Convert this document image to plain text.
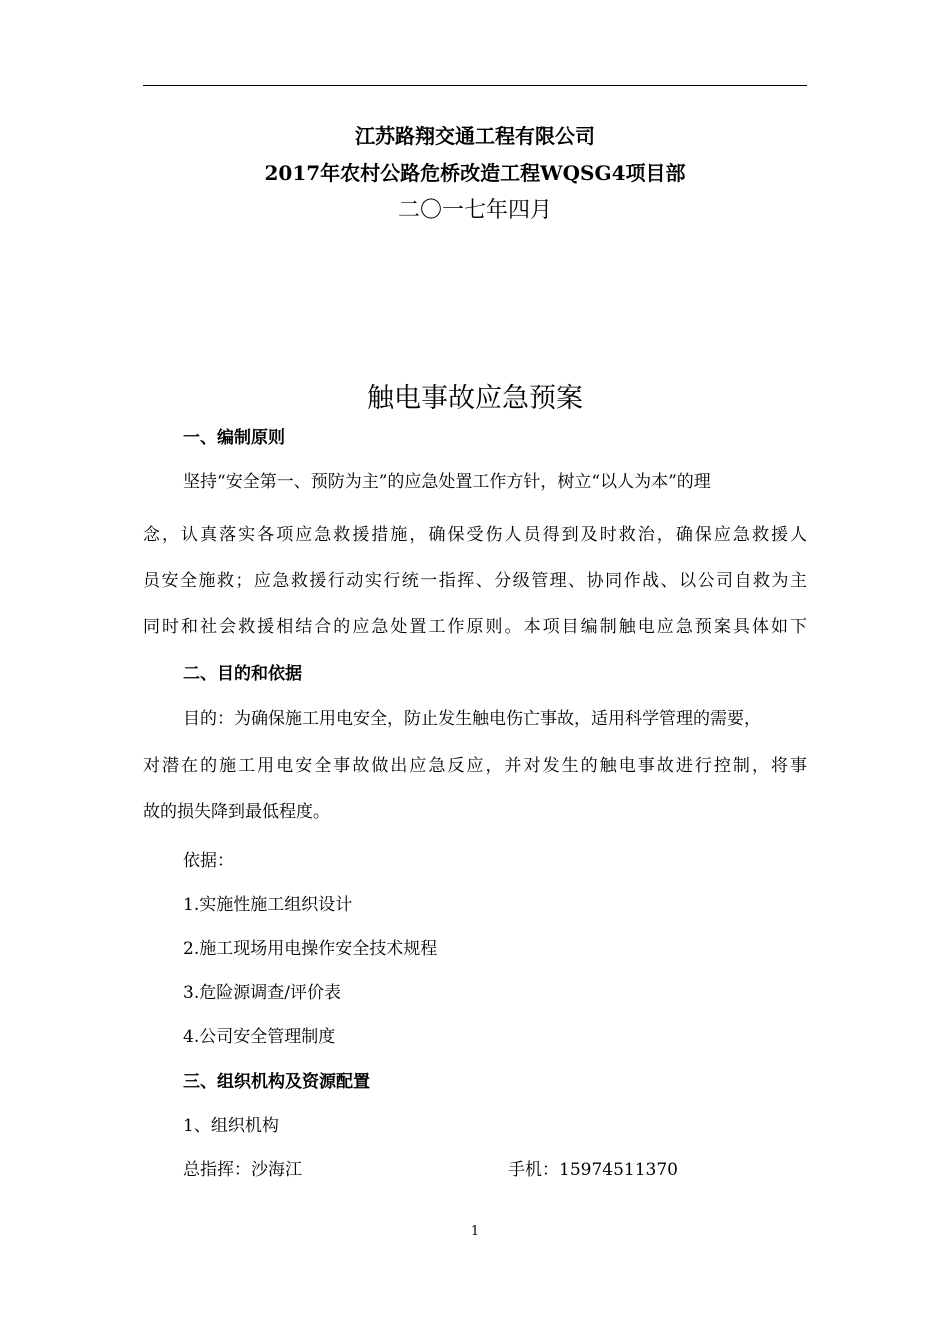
江苏路翔交通工程有限公司
2017年农村公路危桥改造工程WQSG4项目部
二〇一七年四月
触电事故应急预案
一、编制原则
坚持“安全第一、预防为主”的应急处置工作方针，树立“以人为本”的理
念，认真落实各项应急救援措施，确保受伤人员得到及时救治，确保应急救援人
员安全施救；应急救援行动实行统一指挥、分级管理、协同作战、以公司自救为主
同时和社会救援相结合的应急处置工作原则。本项目编制触电应急预案具体如下
二、目的和依据
目的：为确保施工用电安全，防止发生触电伤亡事故，适用科学管理的需要，
对潜在的施工用电安全事故做出应急反应，并对发生的触电事故进行控制，将事
故的损失降到最低程度。
依据：
1.实施性施工组织设计
2.施工现场用电操作安全技术规程
3.危险源调查/评价表
4.公司安全管理制度
三、组织机构及资源配置
1、组织机构
总指挥：沙海江	手机：15974511370
1
